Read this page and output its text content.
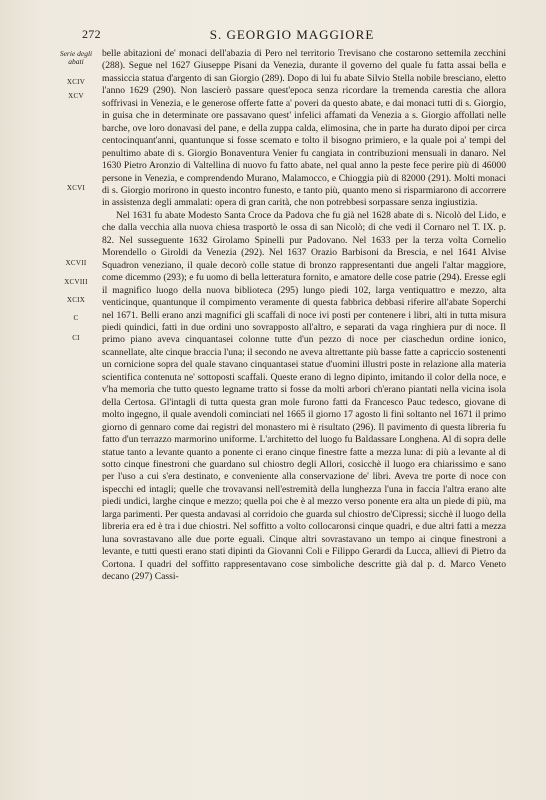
272	S. GEORGIO MAGGIORE
Serie degli abati
XCIV
XCV
XCVI
XCVII
XCVIII
XCIX
C
CI

belle abitazioni de' monaci dell'abazia di Pero nel territorio Trevisano che costarono settemila zecchini (288). Segue nel 1627 Giuseppe Pisani da Venezia, durante il governo del quale fu fatta assai bella e massiccia statua d'argento di san Giorgio (289). Dopo di lui fu abate Silvio Stella nobile bresciano, eletto l'anno 1629 (290). Non lascierò passare quest'epoca senza ricordare la tremenda carestia che allora soffrivasi in Venezia, e le generose offerte fatte a' poveri da questo abate, e dai monaci tutti di s. Giorgio, in guisa che in determinate ore passavano quest' infelici affamati da Venezia a s. Giorgio affollati nelle barche, ove loro donavasi del pane, e della zuppa calda, elimosina, che in parte ha durato dipoi per circa centocinquant'anni, quantunque si fosse scemato e tolto il bisogno primiero, e la quale poi a' tempi del penultimo abate di s. Giorgio Bonaventura Venier fu cangiata in contribuzioni mensuali in danaro. Nel 1630 Pietro Aronzio di Valtellina di nuovo fu fatto abate, nel qual anno la peste fece perire più di 46000 persone in Venezia, e comprendendo Murano, Malamocco, e Chioggia più di 82000 (291). Molti monaci di s. Giorgio morirono in questo incontro funesto, e tanto più, quanto meno si risparmiarono di accorrere in assistenza degli ammalati: opera di gran carità, che non potrebbesi sorpassare senza ingiustizia.

Nel 1631 fu abate Modesto Santa Croce da Padova che fu già nel 1628 abate di s. Nicolò del Lido, e che dalla vecchia alla nuova chiesa trasportò le ossa di san Nicolò; di che vedi il Cornaro nel T. IX. p. 82. Nel susseguente 1632 Girolamo Spinelli pur Padovano. Nel 1633 per la terza volta Cornelio Morendello o Giroldi da Venezia (292). Nel 1637 Orazio Barbisoni da Brescia, e nel 1641 Alvise Squadron veneziano, il quale decorò colle statue di bronzo rappresentanti due angeli l'altar maggiore, come dicemmo (293); e fu uomo di bella letteratura fornito, e amatore delle cose patrie (294). Eresse egli il magnifico luogo della nuova biblioteca (295) lungo piedi 102, larga ventiquattro e mezzo, alta venticinque, quantunque il compimento veramente di questa fabbrica debbasi riferire all'abate Soperchi nel 1671. Belli erano anzi magnifici gli scaffali di noce ivi posti per contenere i libri, alti in tutta misura piedi quindici, fatti in due ordini uno sovrapposto all'altro, e separati da vaga ringhiera pur di noce. Il primo piano aveva cinquantasei colonne tutte d'un pezzo di noce per ciaschedun ordine ionico, scannellate, alte cinque braccia l'una; il secondo ne aveva altrettante più basse fatte a capriccio sostenenti un cornicione sopra del quale stavano cinquantasei statue d'uomini illustri poste in relazione alla materia scientifica contenuta ne' sottoposti scaffali. Queste erano di legno dipinto, imitando il color della noce, e v'ha memoria che tutto questo legname tratto si fosse da molti arbori ch'erano piantati nella vicina isola della Certosa. Gl'intagli di tutta questa gran mole furono fatti da Francesco Pauc tedesco, giovane di molto ingegno, il quale avendoli cominciati nel 1665 il giorno 17 agosto li finì soltanto nel 1671 il primo giorno di gennaro come dai registri del monastero mi è risultato (296). Il pavimento di questa libreria fu fatto d'un terrazzo marmorino uniforme. L'architetto del luogo fu Baldassare Longhena. Al di sopra delle statue tanto a levante quanto a ponente ci erano cinque finestre fatte a mezza luna: di più a levante al di sotto cinque finestroni che guardano sul chiostro degli Allori, cosicchè il luogo era chiarissimo e sano per l'uso a cui s'era destinato, e conveniente alla conservazione de' libri. Aveva tre porte di noce con ispecchi ed intagli; quelle che trovavansi nell'estremità della lunghezza l'una in faccia l'altra erano alte piedi undici, larghe cinque e mezzo; quella poi che è al mezzo verso ponente era alta un piede di più, ma larga parimenti. Per questa andavasi al corridoio che guarda sul chiostro de'Cipressi; sicchè il luogo della libreria era ed è tra i due chiostri. Nel soffitto a volto collocaronsi cinque quadri, e due altri fatti a mezza luna sovrastavano alle due porte eguali. Cinque altri sovrastavano un tempo ai cinque finestroni a levante, e tutti questi erano stati dipinti da Giovanni Coli e Filippo Gerardi da Lucca, allievi di Pietro da Cortona. I quadri del soffitto rappresentavano cose simboliche descritte già dal p. d. Marco Veneto decano (297) Cassi-
